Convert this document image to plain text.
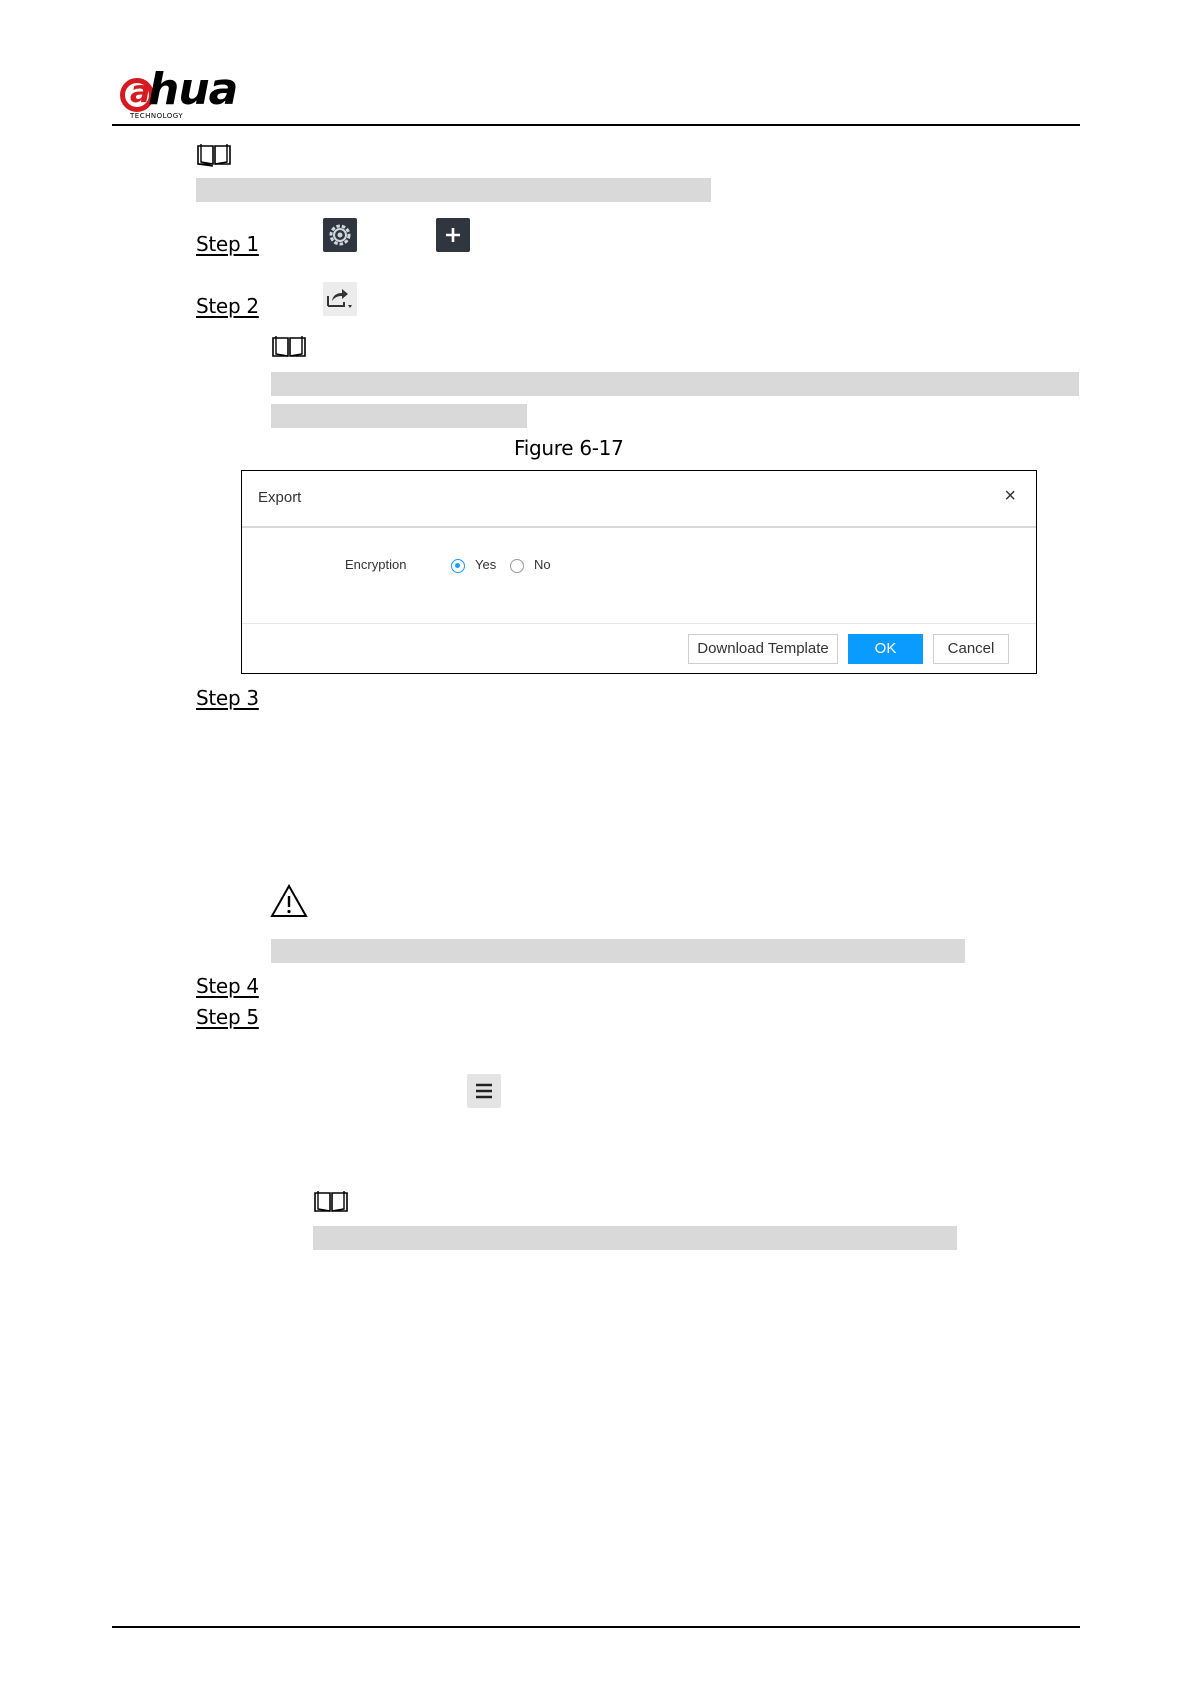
a
hua
TECHNOLOGY
Step 1
Step 2
Figure 6-17
Export	×
Encryption	Yes	No
Download Template	OK	Cancel
Step 3
Step 4
Step 5
